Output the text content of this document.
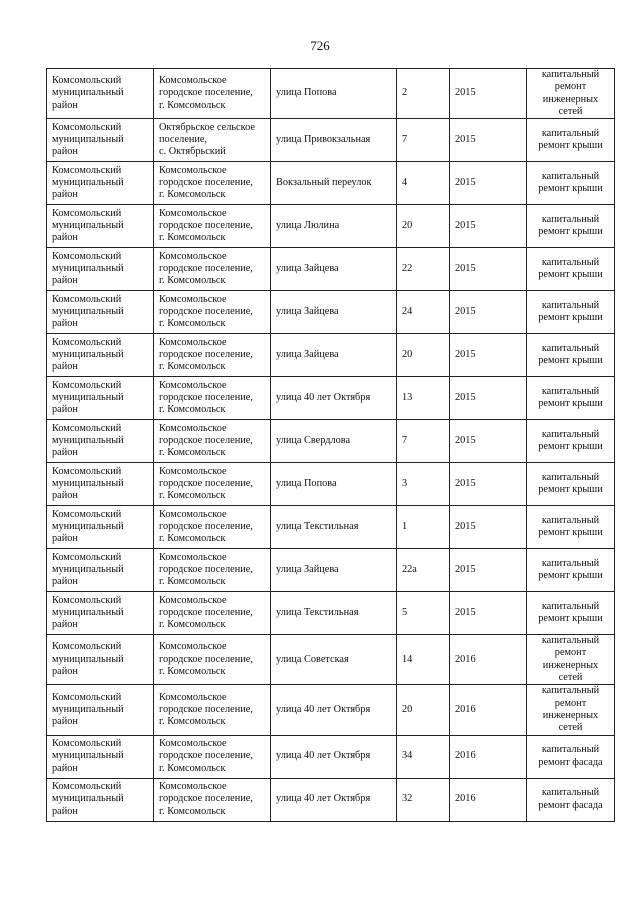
726
Комсомольский
муниципальный
район	Комсомольское
городское поселение,
г. Комсомольск	улица Попова	2	2015	капитальный
ремонт
инженерных
сетей
Комсомольский
муниципальный
район	Октябрьское сельское
поселение,
с. Октябрьский	улица Привокзальная	7	2015	капитальный
ремонт крыши
Комсомольский
муниципальный
район	Комсомольское
городское поселение,
г. Комсомольск	Вокзальный переулок	4	2015	капитальный
ремонт крыши
Комсомольский
муниципальный
район	Комсомольское
городское поселение,
г. Комсомольск	улица Люлина	20	2015	капитальный
ремонт крыши
Комсомольский
муниципальный
район	Комсомольское
городское поселение,
г. Комсомольск	улица Зайцева	22	2015	капитальный
ремонт крыши
Комсомольский
муниципальный
район	Комсомольское
городское поселение,
г. Комсомольск	улица Зайцева	24	2015	капитальный
ремонт крыши
Комсомольский
муниципальный
район	Комсомольское
городское поселение,
г. Комсомольск	улица Зайцева	20	2015	капитальный
ремонт крыши
Комсомольский
муниципальный
район	Комсомольское
городское поселение,
г. Комсомольск	улица 40 лет Октября	13	2015	капитальный
ремонт крыши
Комсомольский
муниципальный
район	Комсомольское
городское поселение,
г. Комсомольск	улица Свердлова	7	2015	капитальный
ремонт крыши
Комсомольский
муниципальный
район	Комсомольское
городское поселение,
г. Комсомольск	улица Попова	3	2015	капитальный
ремонт крыши
Комсомольский
муниципальный
район	Комсомольское
городское поселение,
г. Комсомольск	улица Текстильная	1	2015	капитальный
ремонт крыши
Комсомольский
муниципальный
район	Комсомольское
городское поселение,
г. Комсомольск	улица Зайцева	22а	2015	капитальный
ремонт крыши
Комсомольский
муниципальный
район	Комсомольское
городское поселение,
г. Комсомольск	улица Текстильная	5	2015	капитальный
ремонт крыши
Комсомольский
муниципальный
район	Комсомольское
городское поселение,
г. Комсомольск	улица Советская	14	2016	капитальный
ремонт
инженерных
сетей
Комсомольский
муниципальный
район	Комсомольское
городское поселение,
г. Комсомольск	улица 40 лет Октября	20	2016	капитальный
ремонт
инженерных
сетей
Комсомольский
муниципальный
район	Комсомольское
городское поселение,
г. Комсомольск	улица 40 лет Октября	34	2016	капитальный
ремонт фасада
Комсомольский
муниципальный
район	Комсомольское
городское поселение,
г. Комсомольск	улица 40 лет Октября	32	2016	капитальный
ремонт фасада
